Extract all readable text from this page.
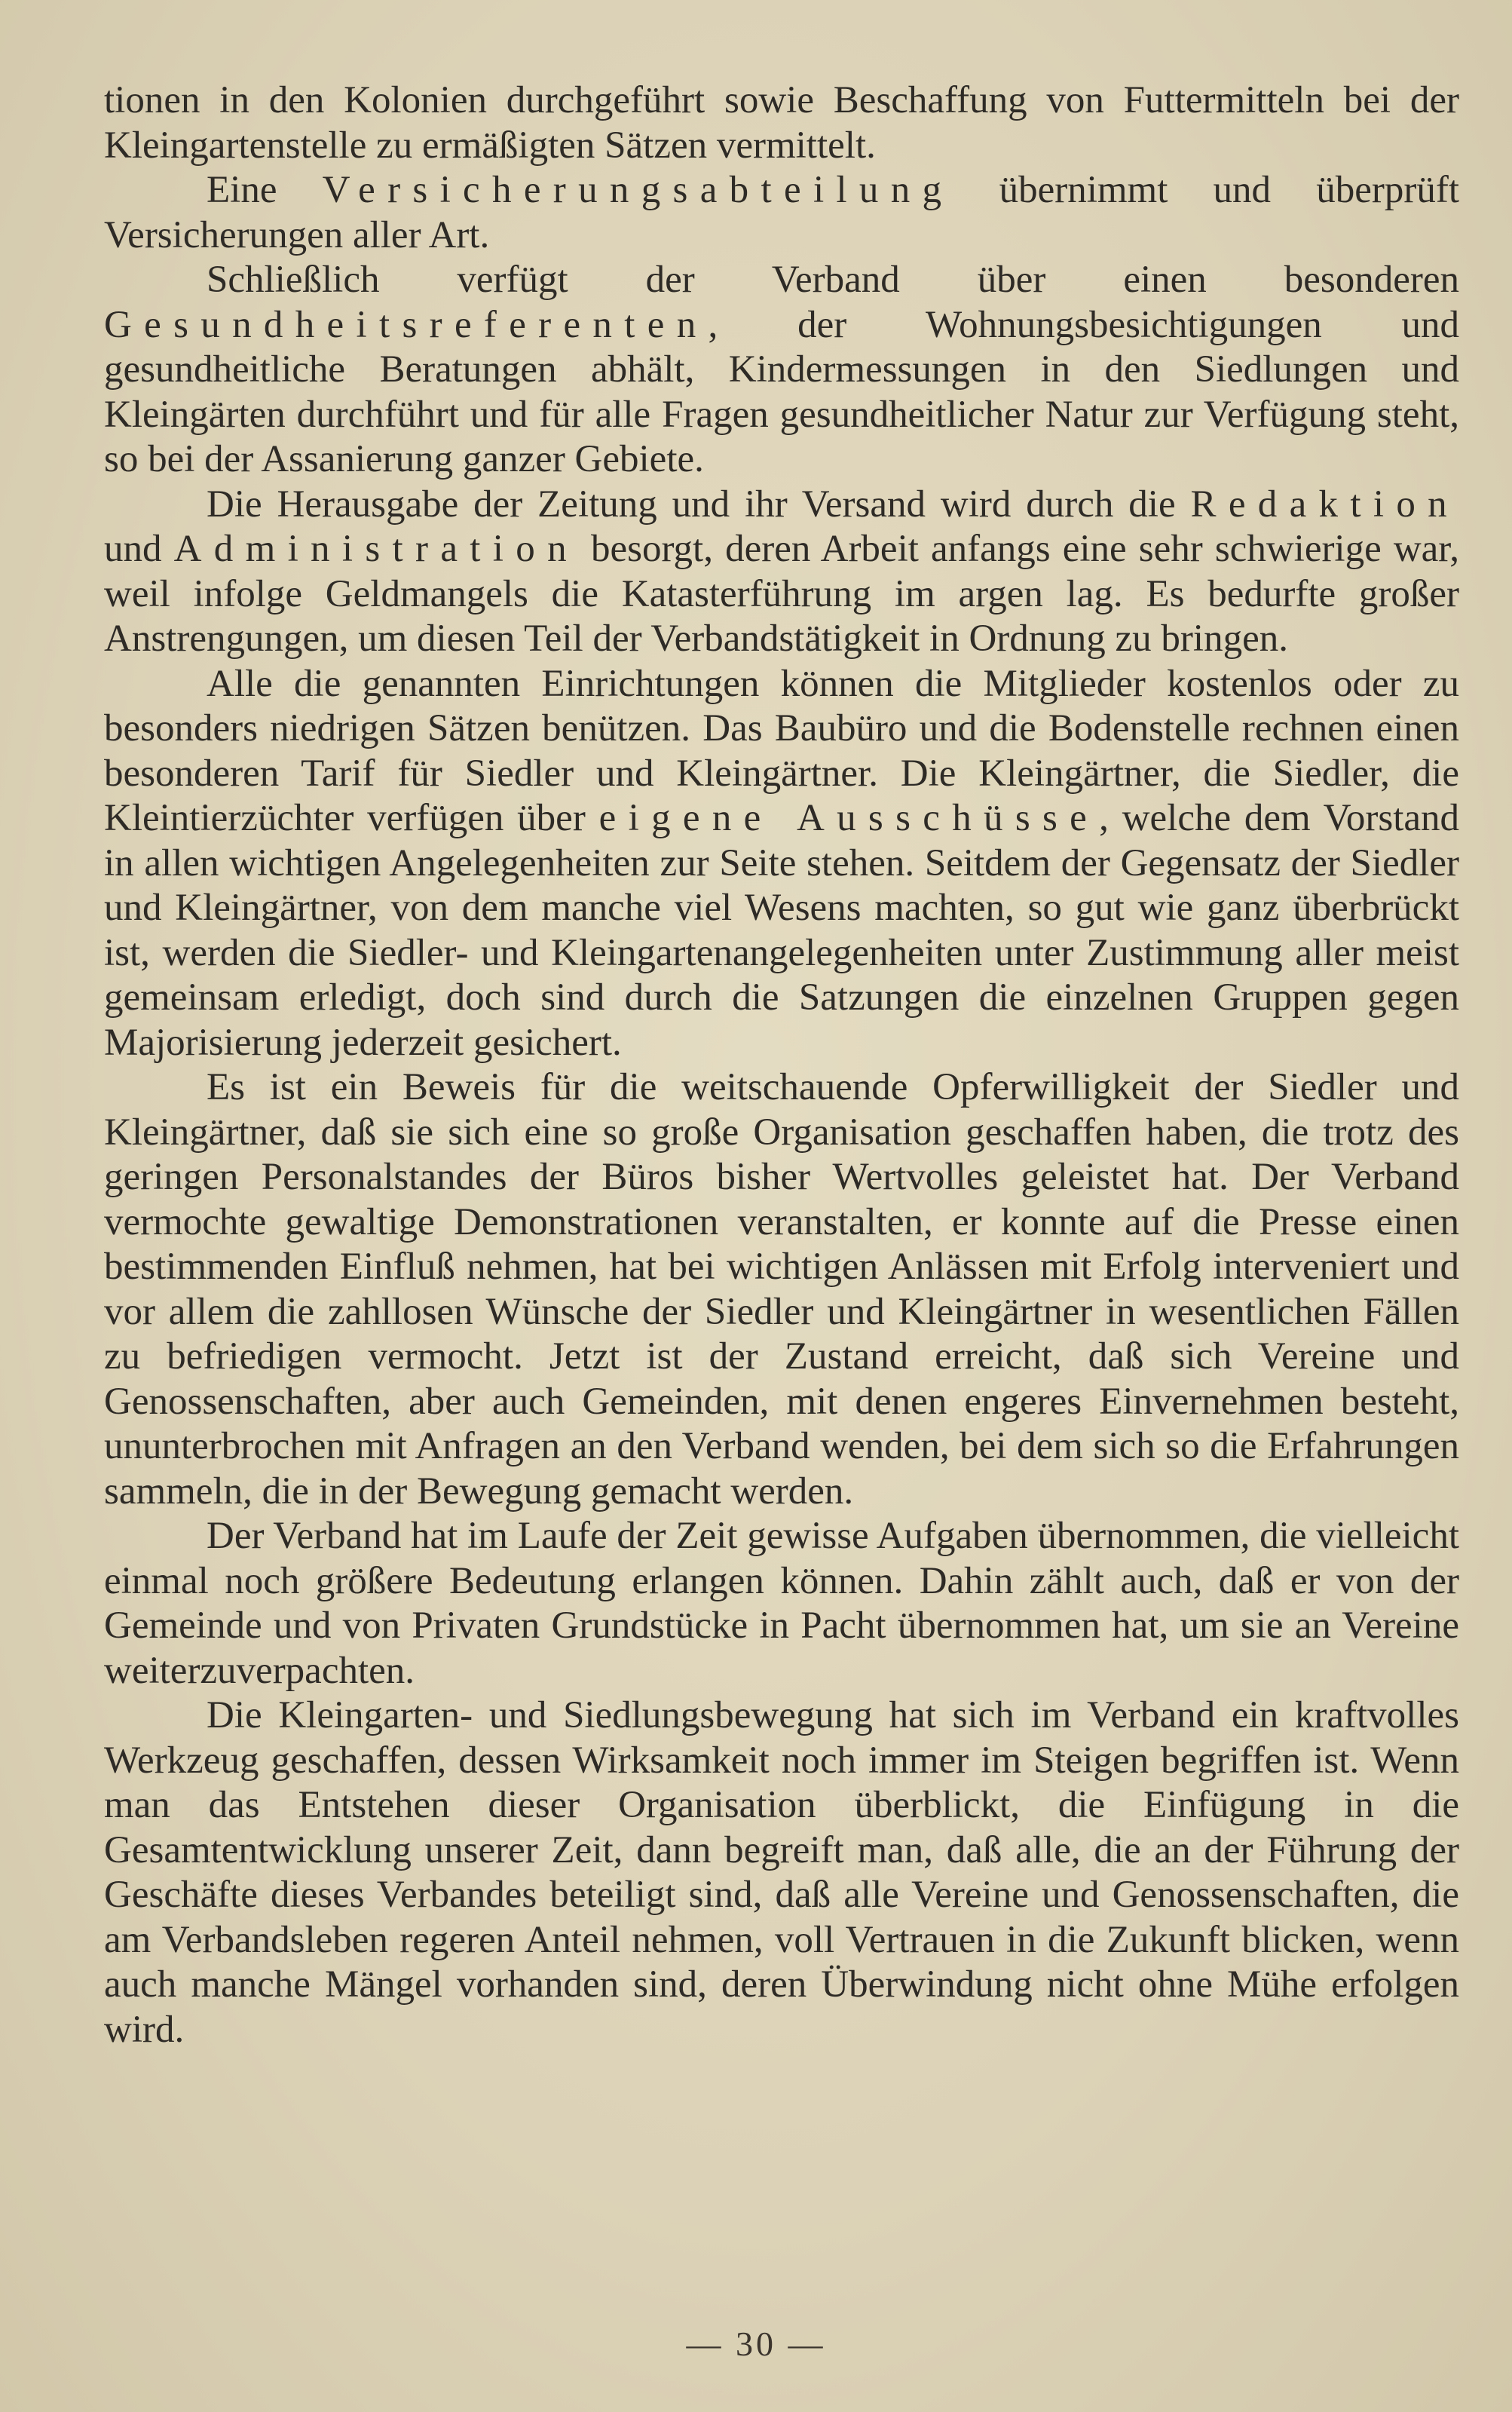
tionen in den Kolonien durchgeführt sowie Beschaffung von Futtermitteln bei der Kleingartenstelle zu ermäßigten Sätzen vermittelt.

Eine Versicherungsabteilung übernimmt und überprüft Versicherungen aller Art.

Schließlich verfügt der Verband über einen besonderen Gesundheitsreferenten, der Wohnungsbesichtigungen und gesundheitliche Beratungen abhält, Kindermessungen in den Siedlungen und Kleingärten durchführt und für alle Fragen gesundheitlicher Natur zur Verfügung steht, so bei der Assanierung ganzer Gebiete.

Die Herausgabe der Zeitung und ihr Versand wird durch die Redaktion und Administration besorgt, deren Arbeit anfangs eine sehr schwierige war, weil infolge Geldmangels die Katasterführung im argen lag. Es bedurfte großer Anstrengungen, um diesen Teil der Verbandstätigkeit in Ordnung zu bringen.

Alle die genannten Einrichtungen können die Mitglieder kostenlos oder zu besonders niedrigen Sätzen benützen. Das Baubüro und die Bodenstelle rechnen einen besonderen Tarif für Siedler und Kleingärtner. Die Kleingärtner, die Siedler, die Kleintierzüchter verfügen über eigene Ausschüsse, welche dem Vorstand in allen wichtigen Angelegenheiten zur Seite stehen. Seitdem der Gegensatz der Siedler und Kleingärtner, von dem manche viel Wesens machten, so gut wie ganz überbrückt ist, werden die Siedler- und Kleingartenangelegenheiten unter Zustimmung aller meist gemeinsam erledigt, doch sind durch die Satzungen die einzelnen Gruppen gegen Majorisierung jederzeit gesichert.

Es ist ein Beweis für die weitschauende Opferwilligkeit der Siedler und Kleingärtner, daß sie sich eine so große Organisation geschaffen haben, die trotz des geringen Personalstandes der Büros bisher Wertvolles geleistet hat. Der Verband vermochte gewaltige Demonstrationen veranstalten, er konnte auf die Presse einen bestimmenden Einfluß nehmen, hat bei wichtigen Anlässen mit Erfolg interveniert und vor allem die zahllosen Wünsche der Siedler und Kleingärtner in wesentlichen Fällen zu befriedigen vermocht. Jetzt ist der Zustand erreicht, daß sich Vereine und Genossenschaften, aber auch Gemeinden, mit denen engeres Einvernehmen besteht, ununterbrochen mit Anfragen an den Verband wenden, bei dem sich so die Erfahrungen sammeln, die in der Bewegung gemacht werden.

Der Verband hat im Laufe der Zeit gewisse Aufgaben übernommen, die vielleicht einmal noch größere Bedeutung erlangen können. Dahin zählt auch, daß er von der Gemeinde und von Privaten Grundstücke in Pacht übernommen hat, um sie an Vereine weiterzuverpachten.

Die Kleingarten- und Siedlungsbewegung hat sich im Verband ein kraftvolles Werkzeug geschaffen, dessen Wirksamkeit noch immer im Steigen begriffen ist. Wenn man das Entstehen dieser Organisation überblickt, die Einfügung in die Gesamtentwicklung unserer Zeit, dann begreift man, daß alle, die an der Führung der Geschäfte dieses Verbandes beteiligt sind, daß alle Vereine und Genossenschaften, die am Verbandsleben regeren Anteil nehmen, voll Vertrauen in die Zukunft blicken, wenn auch manche Mängel vorhanden sind, deren Überwindung nicht ohne Mühe erfolgen wird.

— 30 —
